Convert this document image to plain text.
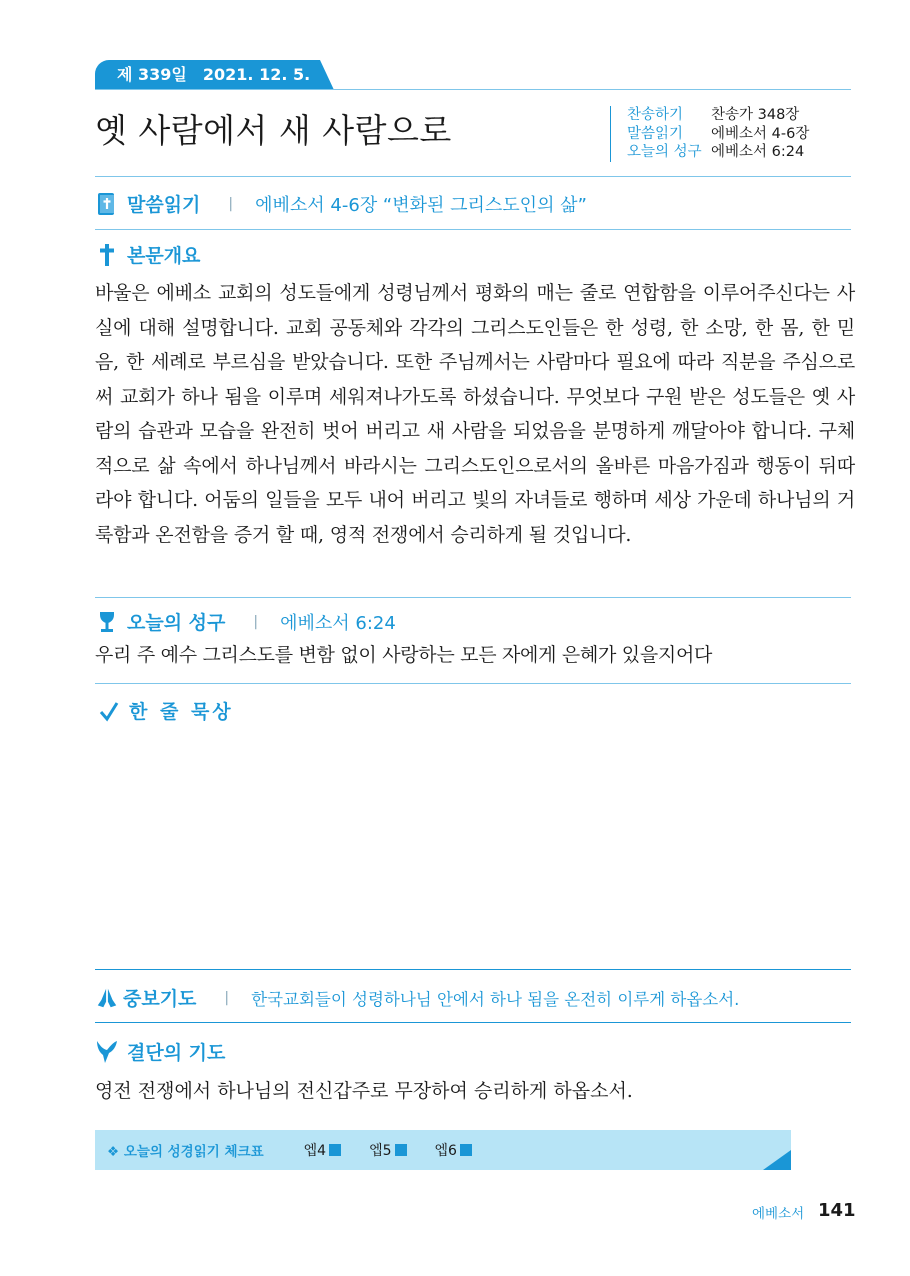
제 339일 2021. 12. 5. 주
옛 사람에서 새 사람으로	찬송하기	찬송가 348장
말씀읽기	에베소서 4-6장
오늘의 성구 에베소서 6:24
말씀읽기 | 에베소서 4-6장 “변화된 그리스도인의 삶”
본문개요
바울은 에베소 교회의 성도들에게 성령님께서 평화의 매는 줄로 연합함을 이루어주신다는 사실에 대해 설명합니다. 교회 공동체와 각각의 그리스도인들은 한 성령, 한 소망, 한 몸, 한 믿음, 한 세례로 부르심을 받았습니다. 또한 주님께서는 사람마다 필요에 따라 직분을 주심으로써 교회가 하나 됨을 이루며 세워져나가도록 하셨습니다. 무엇보다 구원 받은 성도들은 옛 사람의 습관과 모습을 완전히 벗어 버리고 새 사람을 되었음을 분명하게 깨달아야 합니다. 구체적으로 삶 속에서 하나님께서 바라시는 그리스도인으로서의 올바른 마음가짐과 행동이 뒤따라야 합니다. 어둠의 일들을 모두 내어 버리고 빛의 자녀들로 행하며 세상 가운데 하나님의 거룩함과 온전함을 증거 할 때, 영적 전쟁에서 승리하게 될 것입니다.
오늘의 성구 | 에베소서 6:24
우리 주 예수 그리스도를 변함 없이 사랑하는 모든 자에게 은혜가 있을지어다
한 줄 묵상
중보기도 | 한국교회들이 성령하나님 안에서 하나 됨을 온전히 이루게 하옵소서.
결단의 기도
영전 전쟁에서 하나님의 전신갑주로 무장하여 승리하게 하옵소서.
❖ 오늘의 성경읽기 체크표	엡4	엡5	엡6
에베소서 141
